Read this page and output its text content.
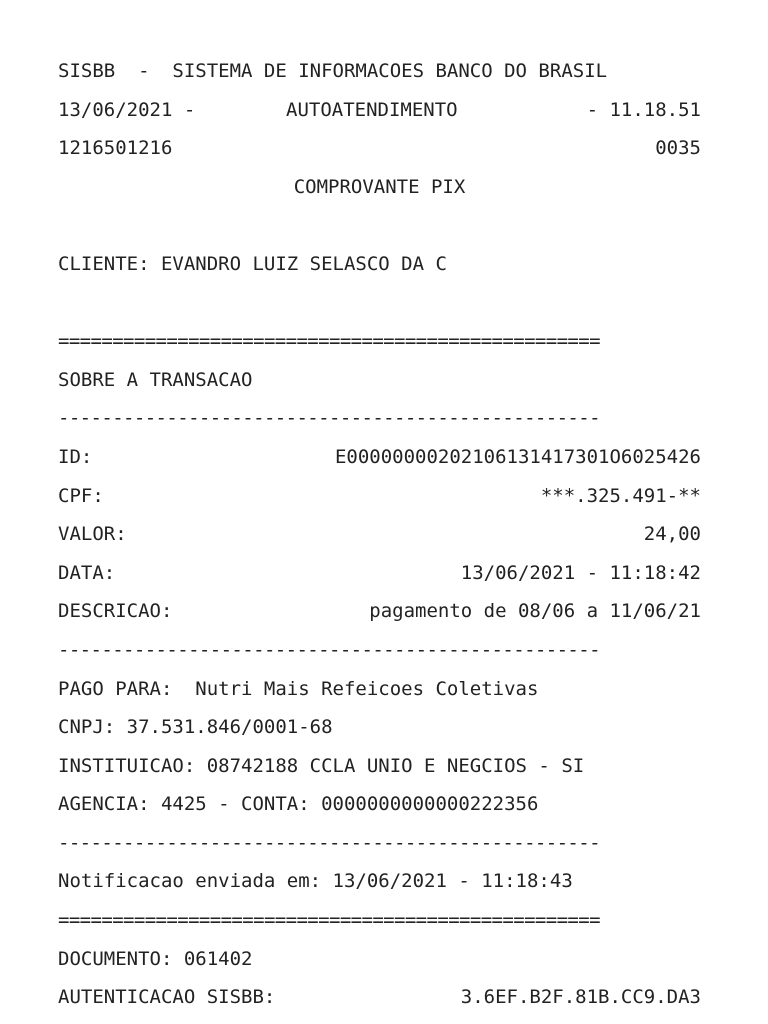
SISBB  -  SISTEMA DE INFORMACOES BANCO DO BRASIL
13/06/2021 -	AUTOATENDIMENTO	- 11.18.51
1216501216	0035
COMPROVANTE PIX
CLIENTE: EVANDRO LUIZ SELASCO DA C

==================================================
SOBRE A TRANSACAO
--------------------------------------------------
ID:	E00000000202106131417301O6025426
CPF:	***.325.491-**
VALOR:	24,00
DATA:	13/06/2021 - 11:18:42
DESCRICAO:	pagamento de 08/06 a 11/06/21
--------------------------------------------------
PAGO PARA:  Nutri Mais Refeicoes Coletivas
CNPJ: 37.531.846/0001-68
INSTITUICAO: 08742188 CCLA UNIO E NEGCIOS - SI
AGENCIA: 4425 - CONTA: 0000000000000222356
--------------------------------------------------
Notificacao enviada em: 13/06/2021 - 11:18:43
==================================================
DOCUMENTO: 061402
AUTENTICACAO SISBB:	3.6EF.B2F.81B.CC9.DA3
